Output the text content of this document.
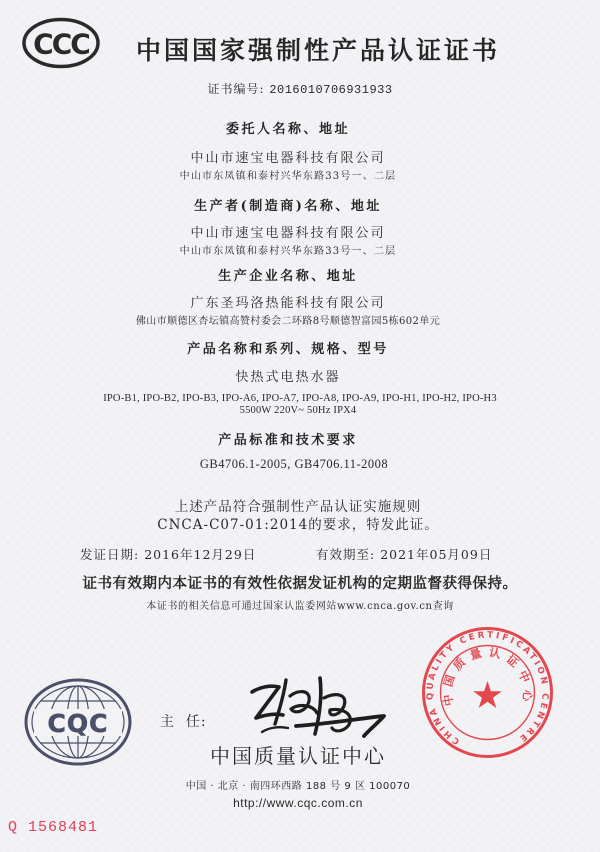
CCC	中国国家强制性产品认证证书
证书编号: 2016010706931933
委托人名称、地址
中山市速宝电器科技有限公司
中山市东凤镇和泰村兴华东路33号一、二层
生产者(制造商)名称、地址
中山市速宝电器科技有限公司
中山市东凤镇和泰村兴华东路33号一、二层
生产企业名称、地址
广东圣玛洛热能科技有限公司
佛山市顺德区杏坛镇高赞村委会二环路8号顺德智富园5栋602单元
产品名称和系列、规格、型号
快热式电热水器
IPO-B1, IPO-B2, IPO-B3, IPO-A6, IPO-A7, IPO-A8, IPO-A9, IPO-H1, IPO-H2, IPO-H3
5500W 220V~ 50Hz IPX4
产品标准和技术要求
GB4706.1-2005, GB4706.11-2008
上述产品符合强制性产品认证实施规则
CNCA-C07-01:2014的要求，特发此证。
发证日期: 2016年12月29日	有效期至: 2021年05月09日
证书有效期内本证书的有效性依据发证机构的定期监督获得保持。
本证书的相关信息可通过国家认监委网站www.cnca.gov.cn查询
CQC	主  任:
中国质量认证中心
中国 · 北京 · 南四环西路 188 号 9 区 100070
http://www.cqc.com.cn
CHINA QUALITY CERTIFICATION CENTRE
中国质量认证中心
Q 1568481
